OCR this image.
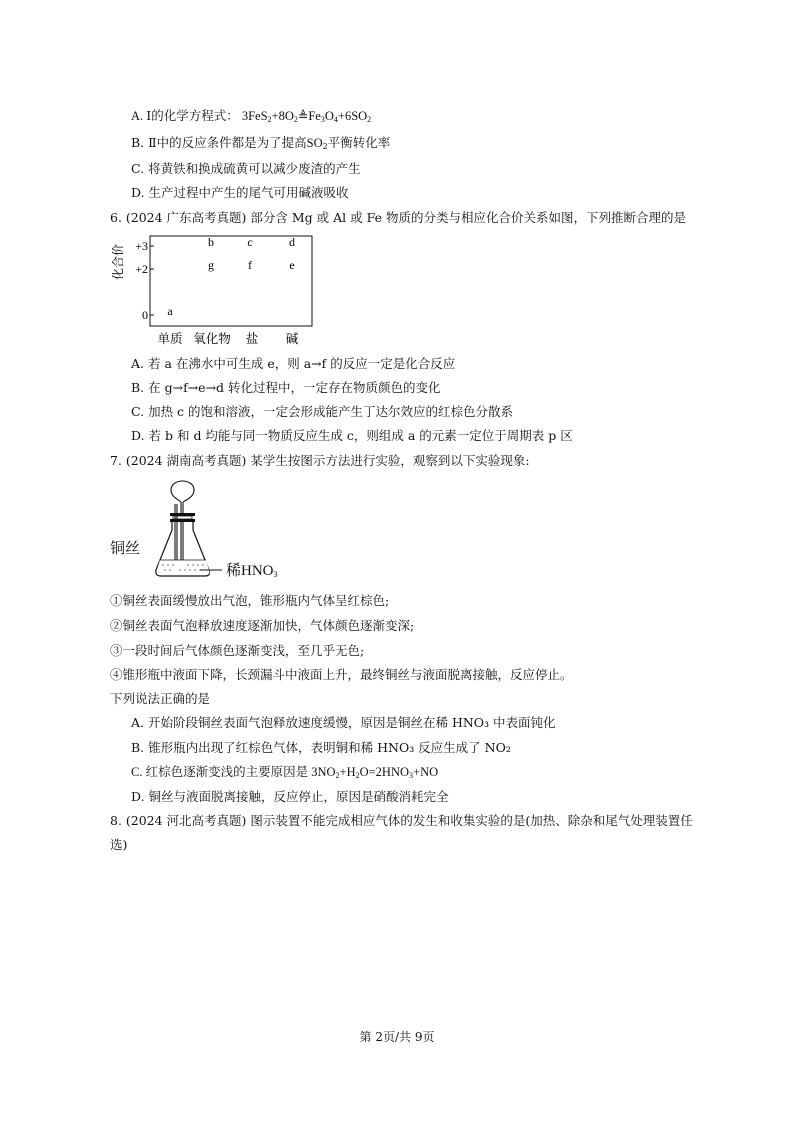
A. Ⅰ的化学方程式： $3FeS_2+8O_2≜Fe_3O_4+6SO_2$
B. Ⅱ中的反应条件都是为了提高$SO_2$平衡转化率
C. 将黄铁和换成硫黄可以减少废渣的产生
D. 生产过程中产生的尾气可用碱液吸收
6. (2024 广东高考真题) 部分含 Mg 或 Al 或 Fe 物质的分类与相应化合价关系如图，下列推断合理的是
化合价 +3
+2
0
单质 氧化物 盐 碱
a
b
g
c
f
d
e
A. 若 a 在沸水中可生成 e，则 a→f 的反应一定是化合反应
B. 在 g→f→e→d 转化过程中，一定存在物质颜色的变化
C. 加热 c 的饱和溶液，一定会形成能产生丁达尔效应的红棕色分散系
D. 若 b 和 d 均能与同一物质反应生成 c，则组成 a 的元素一定位于周期表 p 区
7. (2024 湖南高考真题) 某学生按图示方法进行实验，观察到以下实验现象:
铜丝
稀$HNO_3$
①铜丝表面缓慢放出气泡，锥形瓶内气体呈红棕色;
②铜丝表面气泡释放速度逐渐加快，气体颜色逐渐变深;
③一段时间后气体颜色逐渐变浅，至几乎无色;
④锥形瓶中液面下降，长颈漏斗中液面上升，最终铜丝与液面脱离接触，反应停止。
下列说法正确的是
A. 开始阶段铜丝表面气泡释放速度缓慢，原因是铜丝在稀 HNO₃ 中表面钝化
B. 锥形瓶内出现了红棕色气体，表明铜和稀 HNO₃ 反应生成了 NO₂
C. 红棕色逐渐变浅的主要原因是 $3NO_2+H_2O=2HNO_3+NO$
D. 铜丝与液面脱离接触，反应停止，原因是硝酸消耗完全
8. (2024 河北高考真题) 图示装置不能完成相应气体的发生和收集实验的是(加热、除杂和尾气处理装置任
选)
第 2页/共 9页
